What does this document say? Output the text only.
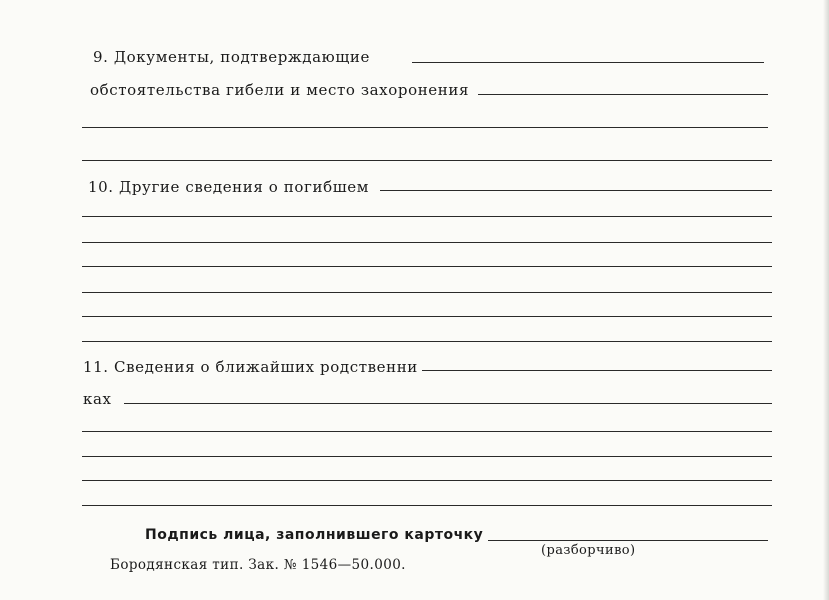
9. Документы, подтверждающие
обстоятельства гибели и место захоронения
10. Другие сведения о погибшем
11. Сведения о ближайших родственни
ках
Подпись лица, заполнившего карточку
(разборчиво)
Бородянская тип. Зак. № 1546—50.000.
